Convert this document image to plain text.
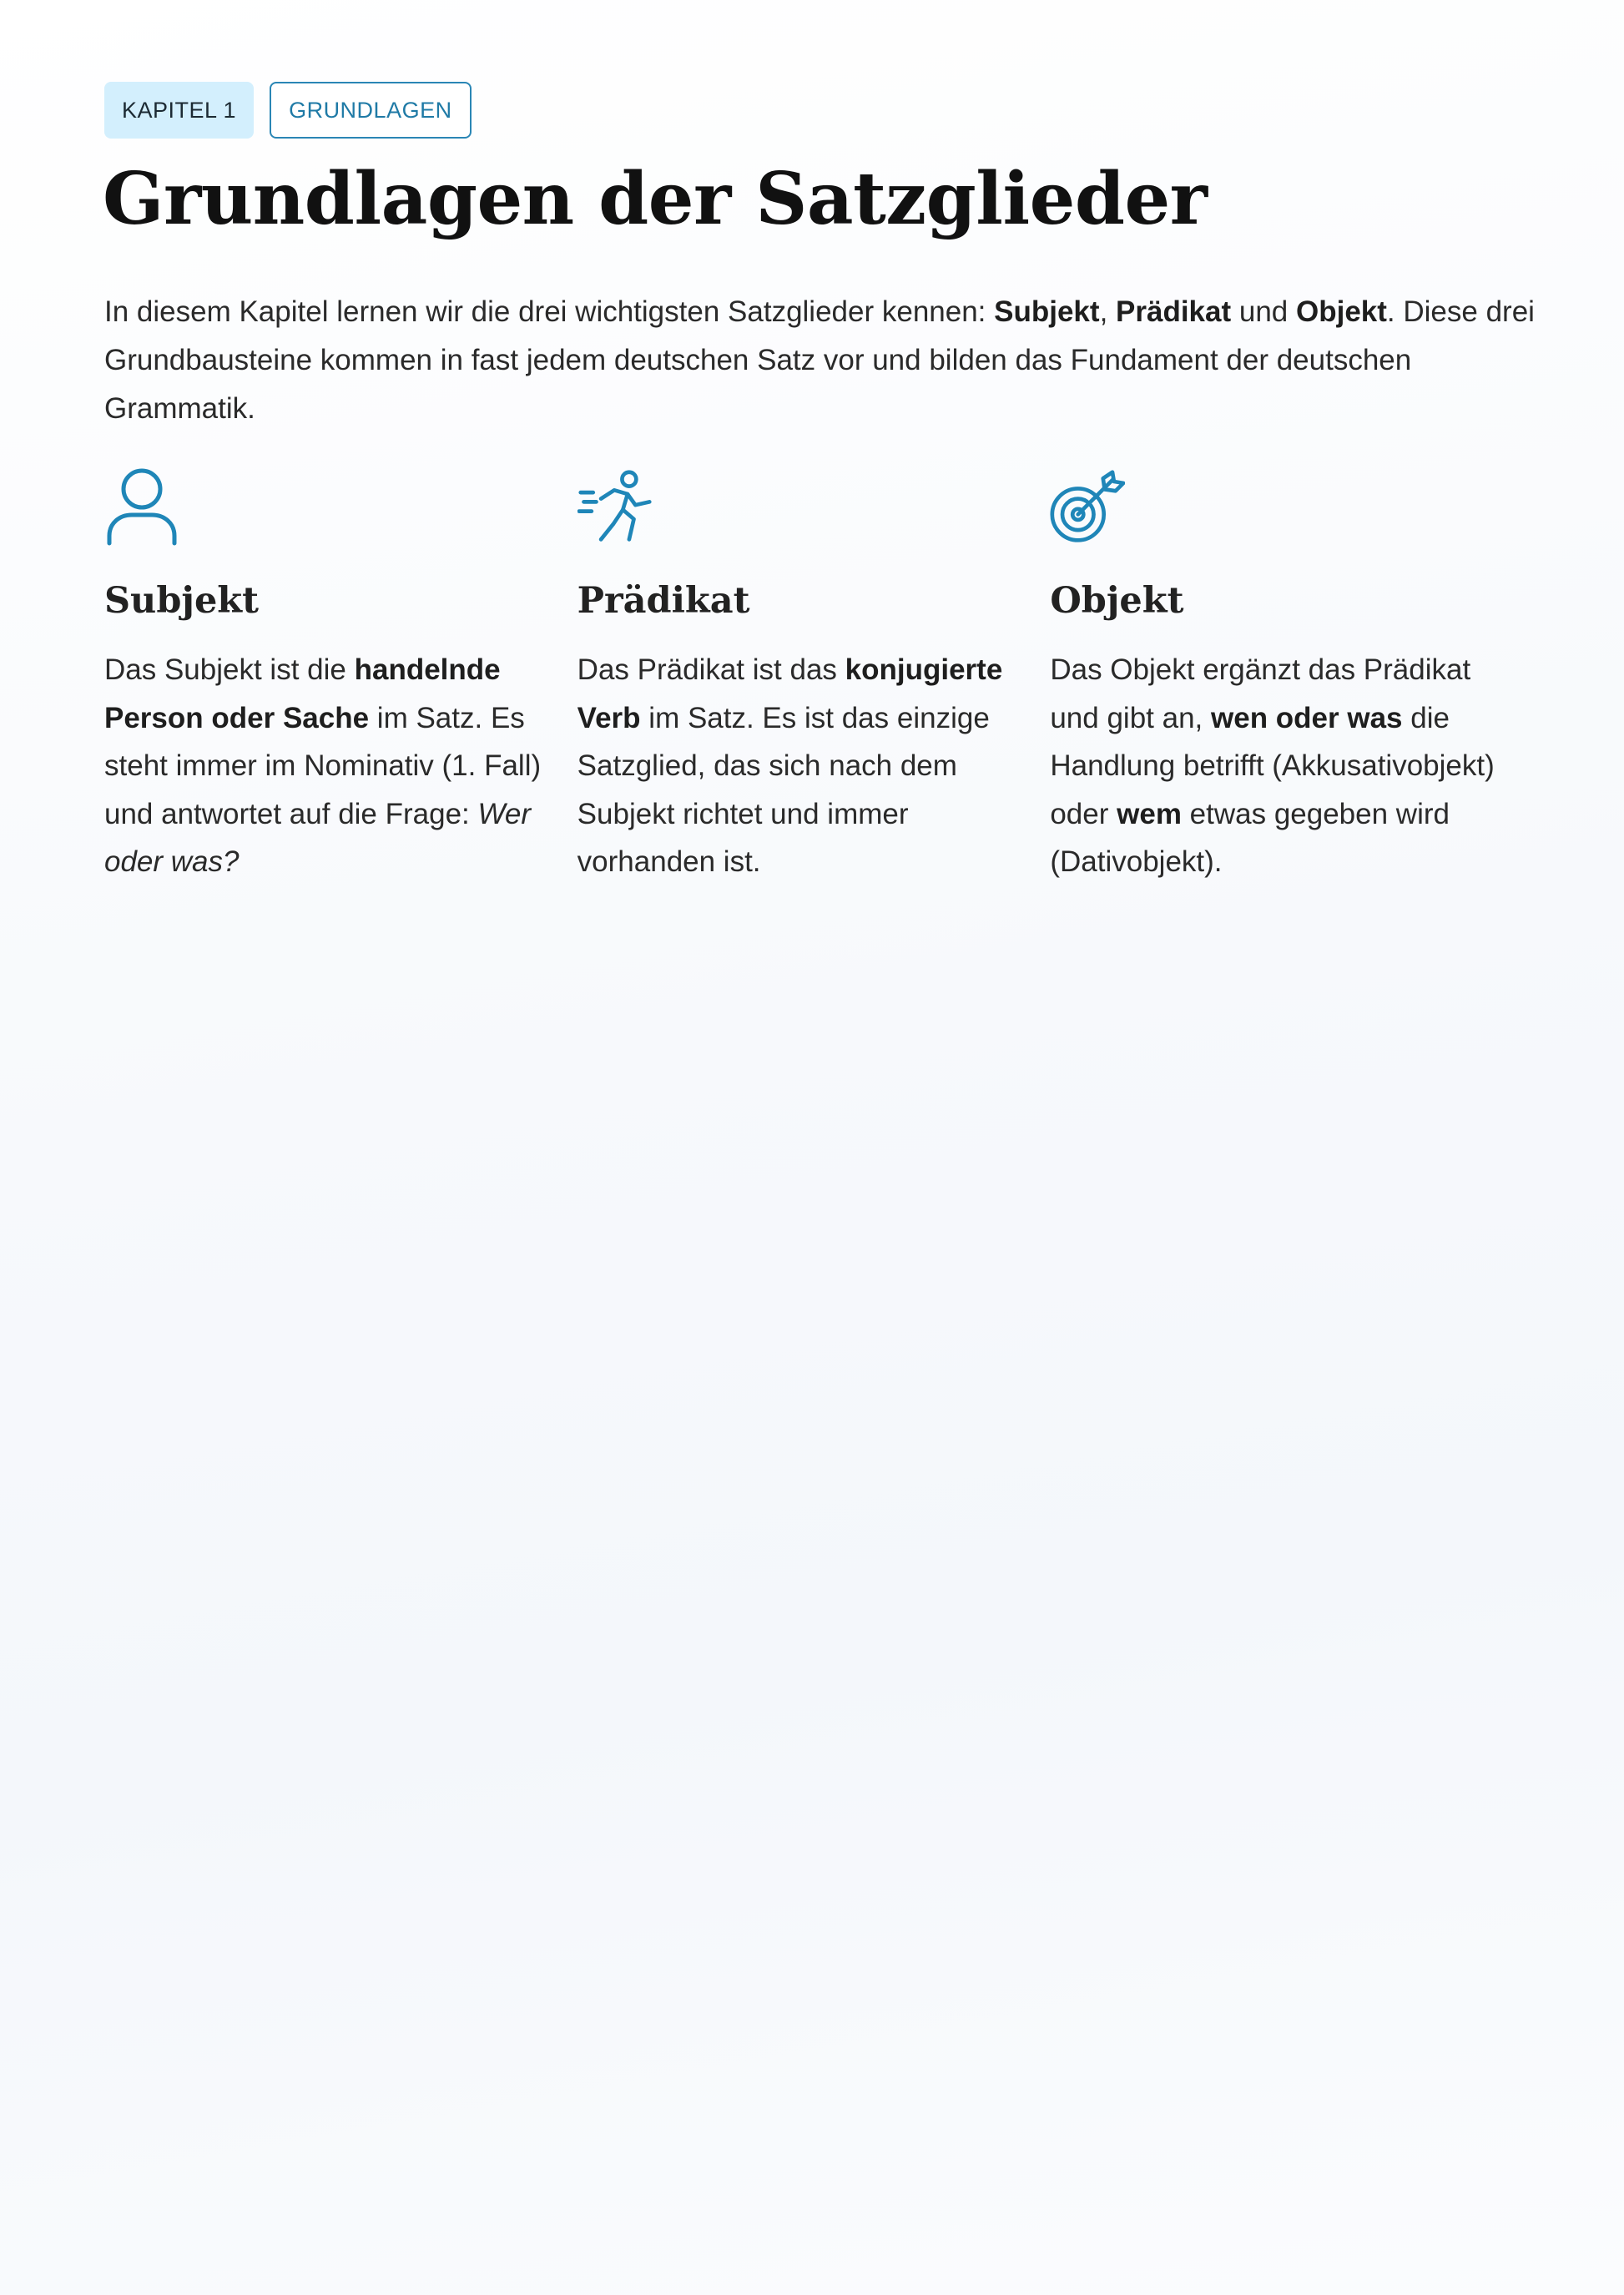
KAPITEL 1	GRUNDLAGEN
Grundlagen der Satzglieder

In diesem Kapitel lernen wir die drei wichtigsten Satzglieder kennen: Subjekt, Prädikat und Objekt. Diese drei Grundbausteine kommen in fast jedem deutschen Satz vor und bilden das Fundament der deutschen Grammatik.

Subjekt
Das Subjekt ist die handelnde Person oder Sache im Satz. Es steht immer im Nominativ (1. Fall) und antwortet auf die Frage: Wer oder was?
Prädikat
Das Prädikat ist das konjugierte Verb im Satz. Es ist das einzige Satzglied, das sich nach dem Subjekt richtet und immer vorhanden ist.
Objekt
Das Objekt ergänzt das Prädikat und gibt an, wen oder was die Handlung betrifft (Akkusativobjekt) oder wem etwas gegeben wird (Dativobjekt).
